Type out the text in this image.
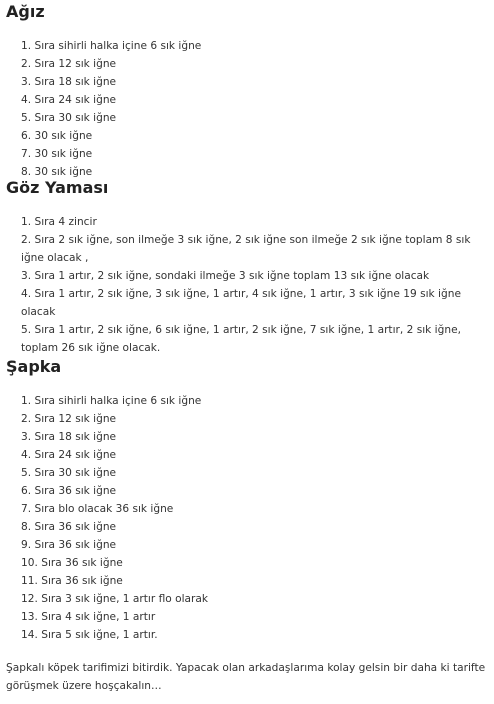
Ağız
1. Sıra sihirli halka içine 6 sık iğne
2. Sıra 12 sık iğne
3. Sıra 18 sık iğne
4. Sıra 24 sık iğne
5. Sıra 30 sık iğne
6. 30 sık iğne
7. 30 sık iğne
8. 30 sık iğne
Göz Yaması
1. Sıra 4 zincir
2. Sıra 2 sık iğne, son ilmeğe 3 sık iğne, 2 sık iğne son ilmeğe 2 sık iğne toplam 8 sık iğne olacak ,
3. Sıra 1 artır, 2 sık iğne, sondaki ilmeğe 3 sık iğne toplam 13 sık iğne olacak
4. Sıra 1 artır, 2 sık iğne, 3 sık iğne, 1 artır, 4 sık iğne, 1 artır, 3 sık iğne 19 sık iğne olacak
5. Sıra 1 artır, 2 sık iğne, 6 sık iğne, 1 artır, 2 sık iğne, 7 sık iğne, 1 artır, 2 sık iğne, toplam 26 sık iğne olacak.
Şapka
1. Sıra sihirli halka içine 6 sık iğne
2. Sıra 12 sık iğne
3. Sıra 18 sık iğne
4. Sıra 24 sık iğne
5. Sıra 30 sık iğne
6. Sıra 36 sık iğne
7. Sıra blo olacak 36 sık iğne
8. Sıra 36 sık iğne
9. Sıra 36 sık iğne
10. Sıra 36 sık iğne
11. Sıra 36 sık iğne
12. Sıra 3 sık iğne, 1 artır flo olarak
13. Sıra 4 sık iğne, 1 artır
14. Sıra 5 sık iğne, 1 artır.

Şapkalı köpek tarifimizi bitirdik. Yapacak olan arkadaşlarıma kolay gelsin bir daha ki tarifte görüşmek üzere hoşçakalın…
